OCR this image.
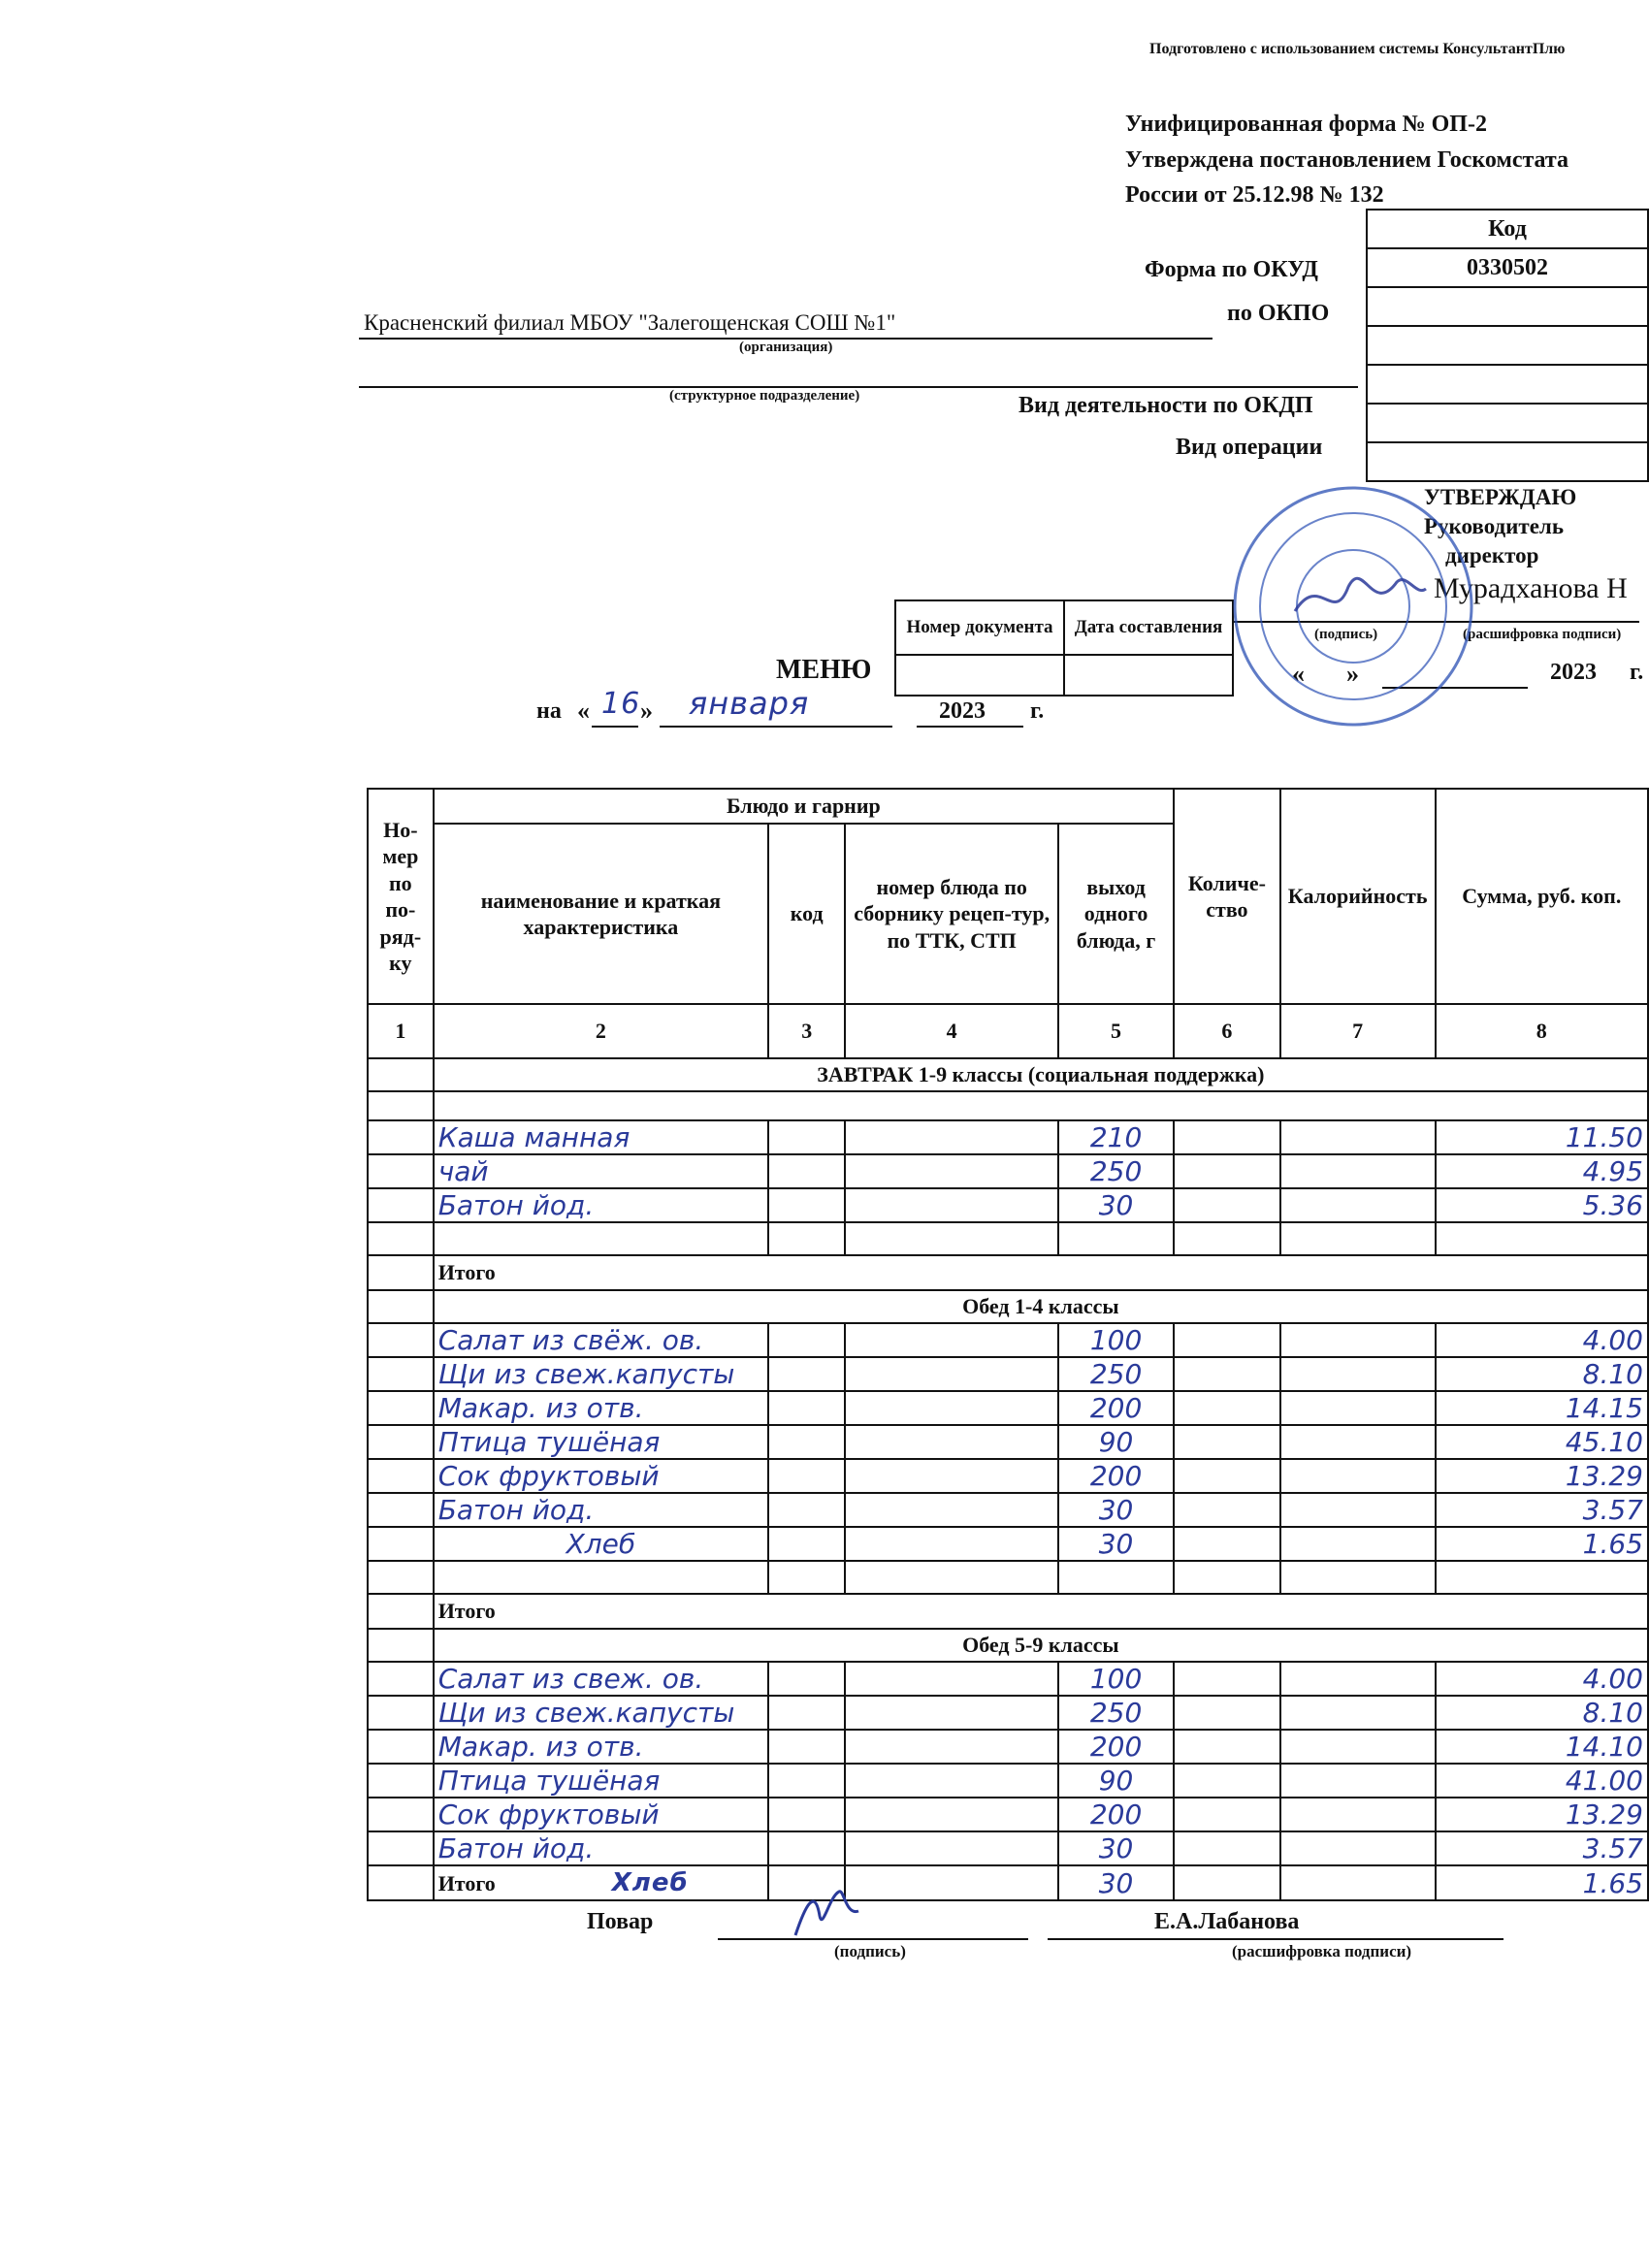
Подготовлено с использованием системы КонсультантПлю
Унифицированная форма № ОП-2
Утверждена постановлением Госкомстата
России от 25.12.98 № 132
Код
0330502

Форма по ОКУД
по ОКПО
Вид деятельности по ОКДП
Вид операции
Красненский филиал МБОУ "Залегощенская СОШ №1"
(организация)
(структурное подразделение)
УТВЕРЖДАЮ
Руководитель
директор
Мурадханова Н
(подпись)	(расшифровка подписи)
« »	2023 г.
Номер документа	Дата составления

МЕНЮ
на « 16 » января	2023 г.
Но-мер по по-ряд-ку	Блюдо и гарнир				Количе-ство	Калорийность	Сумма, руб. коп.
	наименование и краткая характеристика	код	номер блюда по сборнику рецеп-тур, по ТТК, СТП	выход одного блюда, г			
1	2	3	4	5	6	7	8
	ЗАВТРАК 1-9 классы (социальная поддержка)						

	Каша манная			210			11.50
	чай			250			4.95
	Батон йод.			30			5.36

	Итого						
	Обед 1-4 классы						
	Салат из свёж. ов.			100			4.00
	Щи из свеж.капусты			250			8.10
	Макар. из отв.			200			14.15
	Птица тушёная			90			45.10
	Сок фруктовый			200			13.29
	Батон йод.			30			3.57
	Хлеб			30			1.65

	Итого						
	Обед 5-9 классы						
	Салат из свеж. ов.			100			4.00
	Щи из свеж.капусты			250			8.10
	Макар. из отв.			200			14.10
	Птица тушёная			90			41.00
	Сок фруктовый			200			13.29
	Батон йод.			30			3.57
	Итого Хлеб			30			1.65
Повар
(подпись)
Е.А.Лабанова
(расшифровка подписи)
